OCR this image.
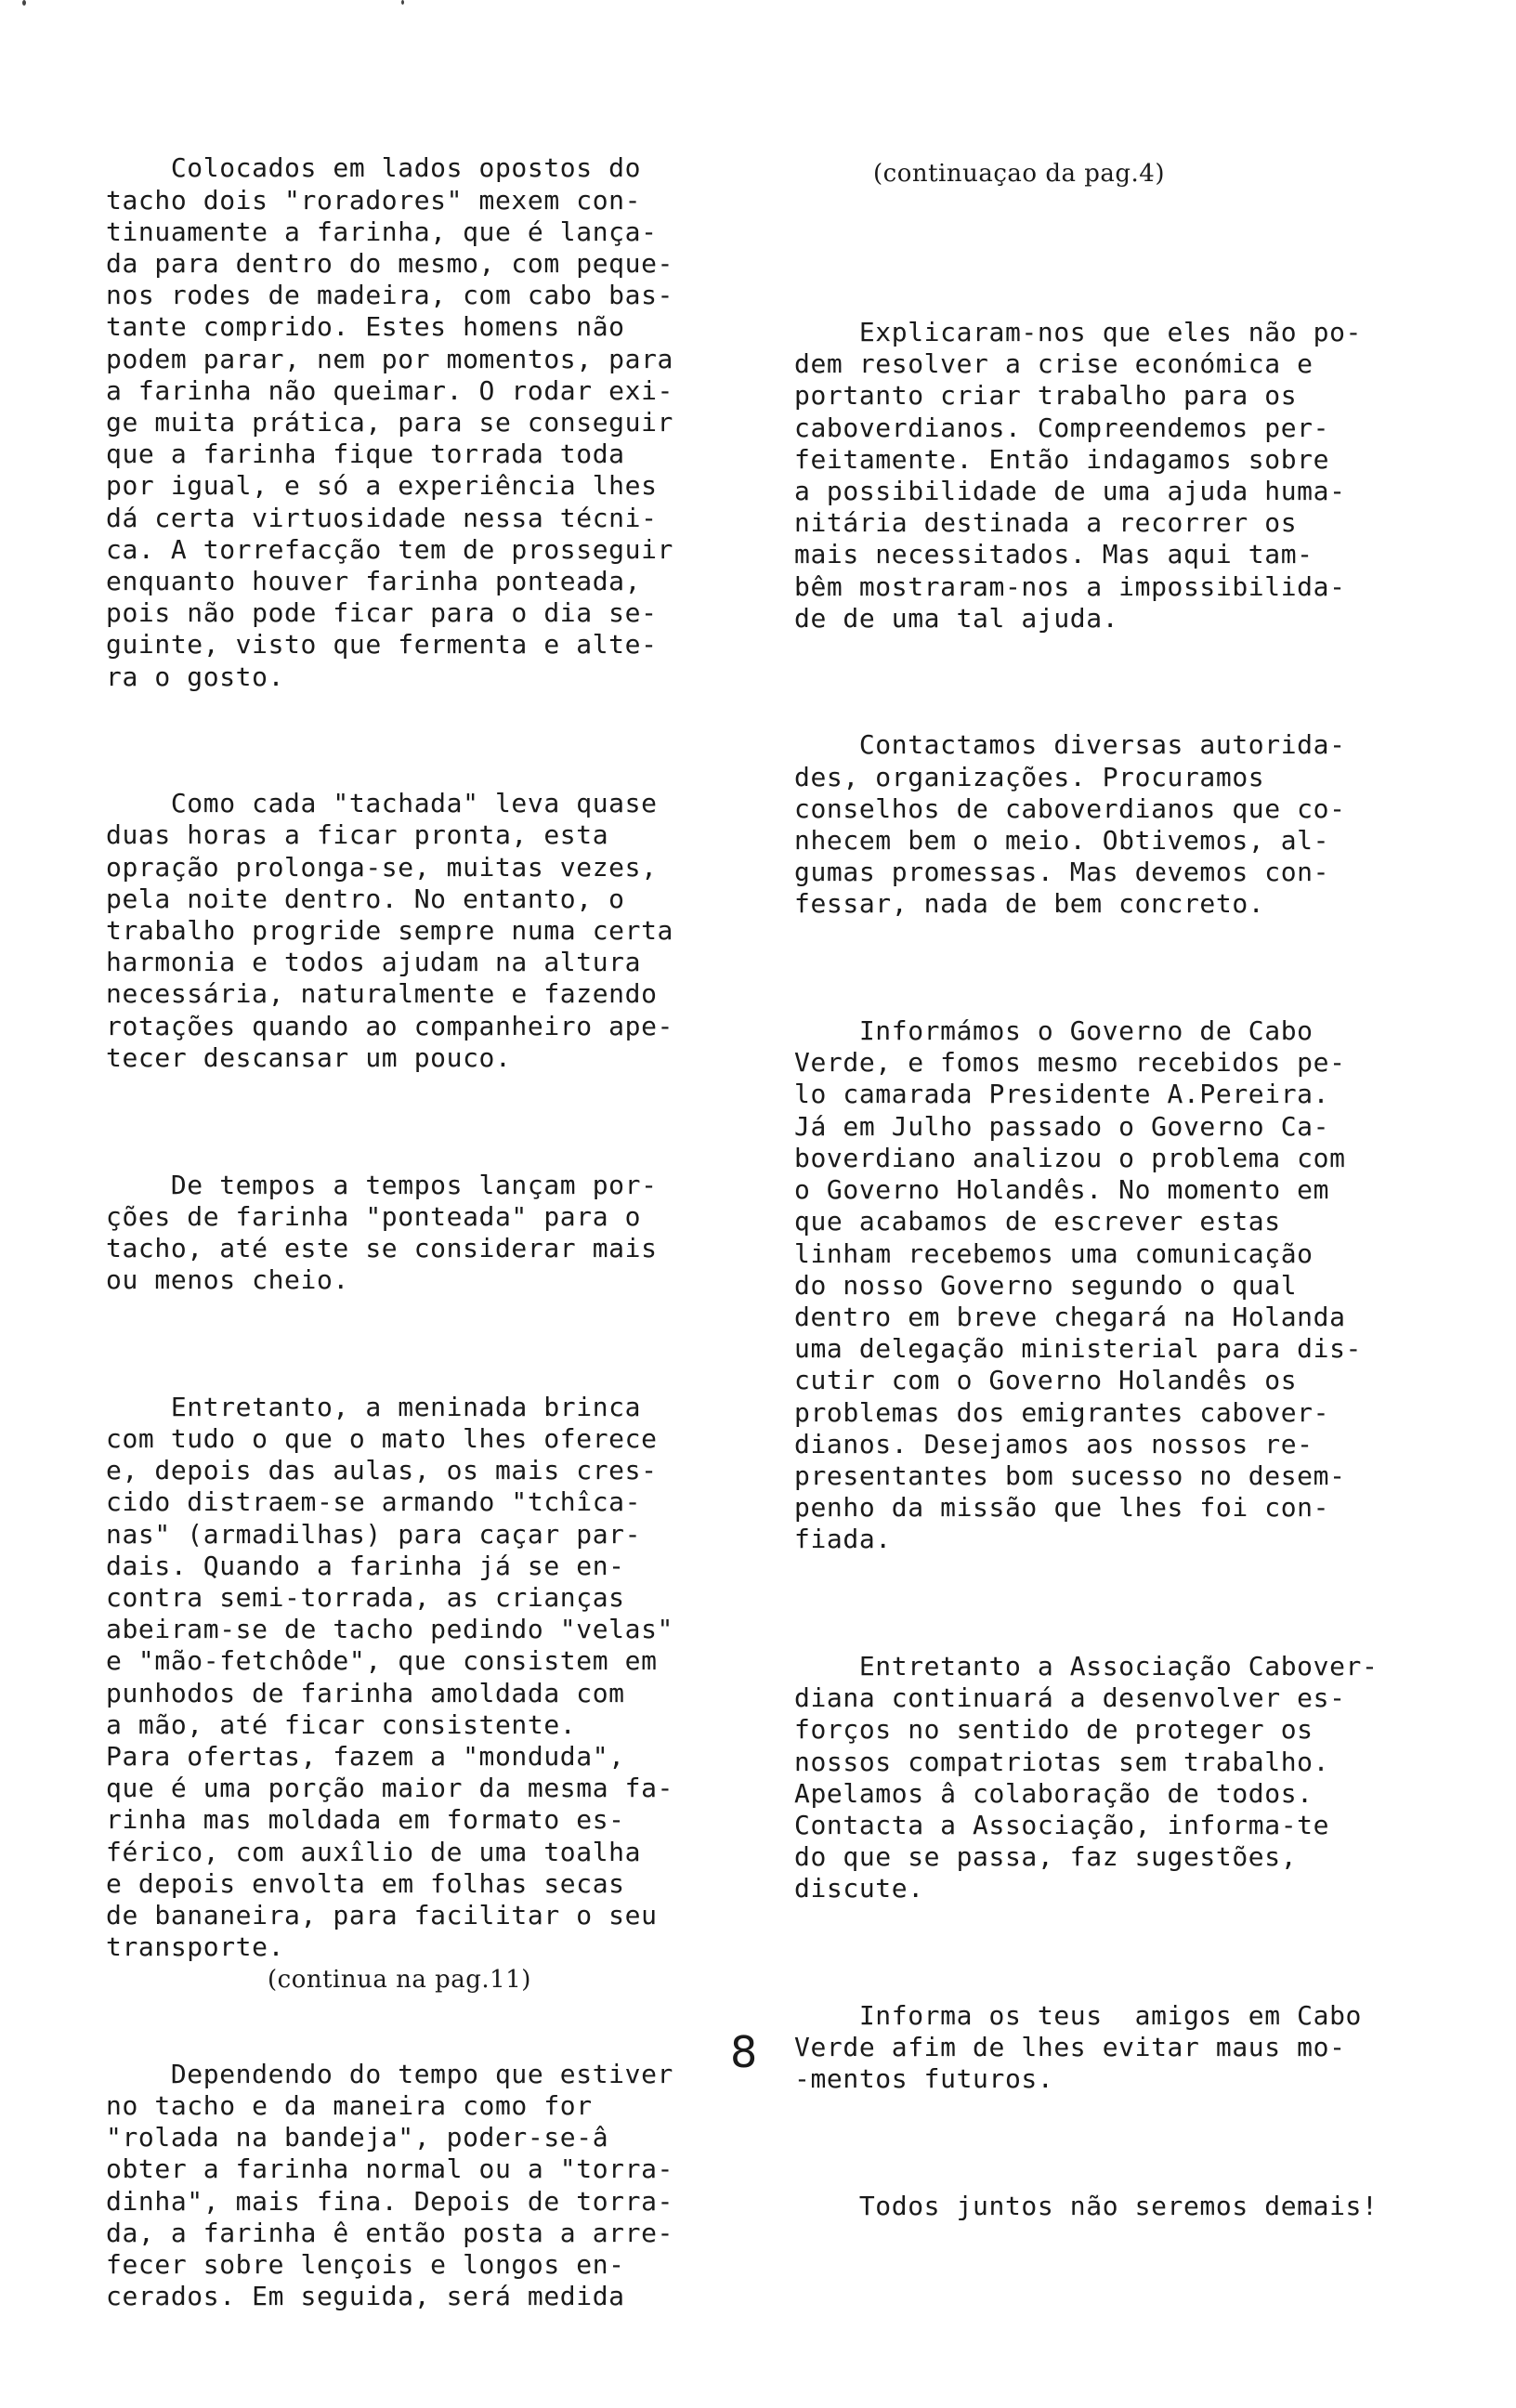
Colocados em lados opostos do
tacho dois "roradores" mexem con-
tinuamente a farinha, que é lança-
da para dentro do mesmo, com peque-
nos rodes de madeira, com cabo bas-
tante comprido. Estes homens não
podem parar, nem por momentos, para
a farinha não queimar. O rodar exi-
ge muita prática, para se conseguir
que a farinha fique torrada toda
por igual, e só a experiência lhes
dá certa virtuosidade nessa técni-
ca. A torrefacção tem de prosseguir
enquanto houver farinha ponteada,
pois não pode ficar para o dia se-
guinte, visto que fermenta e alte-
ra o gosto.

Como cada "tachada" leva quase
duas horas a ficar pronta, esta
opração prolonga-se, muitas vezes,
pela noite dentro. No entanto, o
trabalho progride sempre numa certa
harmonia e todos ajudam na altura
necessária, naturalmente e fazendo
rotações quando ao companheiro ape-
tecer descansar um pouco.

De tempos a tempos lançam por-
ções de farinha "ponteada" para o
tacho, até este se considerar mais
ou menos cheio.

Entretanto, a meninada brinca
com tudo o que o mato lhes oferece
e, depois das aulas, os mais cres-
cido distraem-se armando "tchîca-
nas" (armadilhas) para caçar par-
dais. Quando a farinha já se en-
contra semi-torrada, as crianças
abeiram-se de tacho pedindo "velas"
e "mão-fetchôde", que consistem em
punhodos de farinha amoldada com
a mão, até ficar consistente.
Para ofertas, fazem a "monduda",
que é uma porção maior da mesma fa-
rinha mas moldada em formato es-
férico, com auxîlio de uma toalha
e depois envolta em folhas secas
de bananeira, para facilitar o seu
transporte.

Dependendo do tempo que estiver
no tacho e da maneira como for
"rolada na bandeja", poder-se-â
obter a farinha normal ou a "torra-
dinha", mais fina. Depois de torra-
da, a farinha ê então posta a arre-
fecer sobre lençois e longos en-
cerados. Em seguida, será medida

(continua na pag.11)

(continuaçao da pag.4)

Explicaram-nos que eles não po-
dem resolver a crise económica e
portanto criar trabalho para os
caboverdianos. Compreendemos per-
feitamente. Então indagamos sobre
a possibilidade de uma ajuda huma-
nitária destinada a recorrer os
mais necessitados. Mas aqui tam-
bêm mostraram-nos a impossibilida-
de de uma tal ajuda.

Contactamos diversas autorida-
des, organizações. Procuramos
conselhos de caboverdianos que co-
nhecem bem o meio. Obtivemos, al-
gumas promessas. Mas devemos con-
fessar, nada de bem concreto.

Informámos o Governo de Cabo
Verde, e fomos mesmo recebidos pe-
lo camarada Presidente A.Pereira.
Já em Julho passado o Governo Ca-
boverdiano analizou o problema com
o Governo Holandês. No momento em
que acabamos de escrever estas
linham recebemos uma comunicação
do nosso Governo segundo o qual
dentro em breve chegará na Holanda
uma delegação ministerial para dis-
cutir com o Governo Holandês os
problemas dos emigrantes cabover-
dianos. Desejamos aos nossos re-
presentantes bom sucesso no desem-
penho da missão que lhes foi con-
fiada.

Entretanto a Associação Cabover-
diana continuará a desenvolver es-
forços no sentido de proteger os
nossos compatriotas sem trabalho.
Apelamos â colaboração de todos.
Contacta a Associação, informa-te
do que se passa, faz sugestões,
discute.

Informa os teus  amigos em Cabo
Verde afim de lhes evitar maus mo-
-mentos futuros.

Todos juntos não seremos demais!

8
